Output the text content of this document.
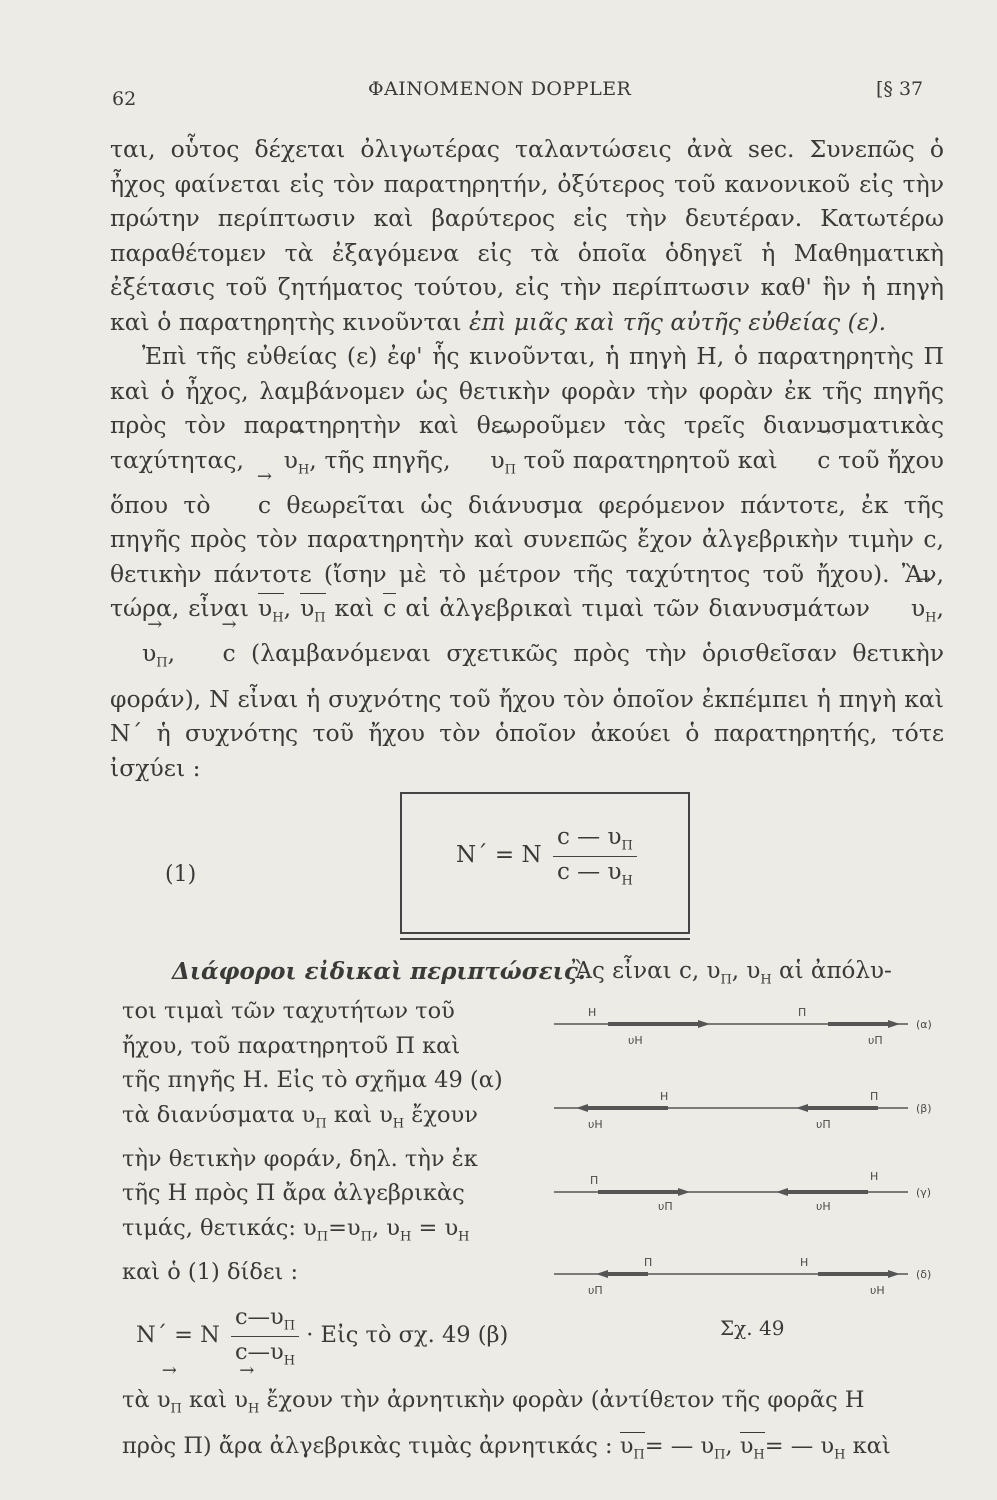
62	ΦΑΙΝΟΜΕΝΟΝ DOPPLER	[§ 37

ται, οὗτος δέχεται ὀλιγωτέρας ταλαντώσεις ἀνὰ sec. Συνεπῶς ὁ ἦχος φαίνεται εἰς τὸν παρατηρητήν, ὀξύτερος τοῦ κανονικοῦ εἰς τὴν πρώτην περίπτωσιν καὶ βαρύτερος εἰς τὴν δευτέραν. Κατωτέρω παραθέτομεν τὰ ἐξαγόμενα εἰς τὰ ὁποῖα ὁδηγεῖ ἡ Μαθηματικὴ ἐξέτασις τοῦ ζητήματος τούτου, εἰς τὴν περίπτωσιν καθ' ἣν ἡ πηγὴ καὶ ὁ παρατηρητὴς κινοῦνται ἐπὶ μιᾶς καὶ τῆς αὐτῆς εὐθείας (ε).

Ἐπὶ τῆς εὐθείας (ε) ἐφ' ἧς κινοῦνται, ἡ πηγὴ Η, ὁ παρατηρητὴς Π καὶ ὁ ἦχος, λαμβάνομεν ὡς θετικὴν φορὰν τὴν φορὰν ἐκ τῆς πηγῆς πρὸς τὸν παρατηρητὴν καὶ θεωροῦμεν τὰς τρεῖς διανυσματικὰς ταχύτητας, → $\upsilon_H$, τῆς πηγῆς, → $\upsilon_\Pi$ τοῦ παρατηρητοῦ καὶ → c τοῦ ἤχου ὅπου τὸ → c θεωρεῖται ὡς διάνυσμα φερόμενον πάντοτε, ἐκ τῆς πηγῆς πρὸς τὸν παρατηρητὴν καὶ συνεπῶς ἔχον ἀλγεβρικὴν τιμὴν c, θετικὴν πάντοτε (ἴσην μὲ τὸ μέτρον τῆς ταχύτητος τοῦ ἤχου). Ἂν, τώρα, εἶναι $\upsilon_H$, $\upsilon_\Pi$ καὶ c αἱ ἀλγεβρικαὶ τιμαὶ τῶν $\delta\iota\alpha\nu\upsilon\sigma\mu ά\tau\omega\nu \to \upsilon_H$, → $\upsilon_\Pi$, → c (λαμβανόμεναι σχετικῶς πρὸς τὴν ὁρισθεῖσαν θετικὴν φοράν), N εἶναι ἡ συχνότης τοῦ ἤχου τὸν ὁποῖον ἐκπέμπει ἡ πηγὴ καὶ N΄ ἡ συχνότης τοῦ ἤχου τὸν ὁποῖον ἀκούει ὁ παρατηρητής, τότε ἰσχύει :

(1)
N΄ = N $\frac{c — \upsilon_\Pi}{c — \upsilon_H}$
Διάφοροι εἰδικαὶ περιπτώσεις.
Ἂς εἶναι c, $\upsilon_\Pi$, $\upsilon_H$ αἱ ἀπόλυ-

τοι τιμαὶ τῶν ταχυτήτων τοῦ

ἤχου, τοῦ παρατηρητοῦ Π καὶ

τῆς πηγῆς Η. Εἰς τὸ σχῆμα 49 (α)

τὰ διανύσματα $\upsilon_\Pi$ καὶ $\upsilon_H$ ἔχουν

τὴν θετικὴν φοράν, δηλ. τὴν ἐκ

τῆς Η πρὸς Π ἄρα ἀλγεβρικὰς

τιμάς, θετικάς: $\upsilon_\Pi=\upsilon_\Pi$, $\upsilon_H = \upsilon_H$

καὶ ὁ (1) δίδει :

N΄ = N $\frac{c—\upsilon_\Pi}{c—\upsilon_H}$ · Εἰς τὸ σχ. 49 (β)
Η	Π
υΗ	υΠ
(α)
Η	Π
υΗ	υΠ
(β)
Π	Η
υΠ	υΗ
(γ)
Π	Η
υΠ	υΗ
(δ)
Σχ. 49

τὰ → $\upsilon_\Pi$ καὶ → $\upsilon_H$ ἔχουν τὴν ἀρνητικὴν φορὰν (ἀντίθετον τῆς φορᾶς Η

πρὸς Π) ἄρα ἀλγεβρικὰς τιμὰς ἀρνητικάς : $\upsilon_\Pi=$ — $\upsilon_\Pi$, $\upsilon_H=$ — $\upsilon_H$ καὶ
